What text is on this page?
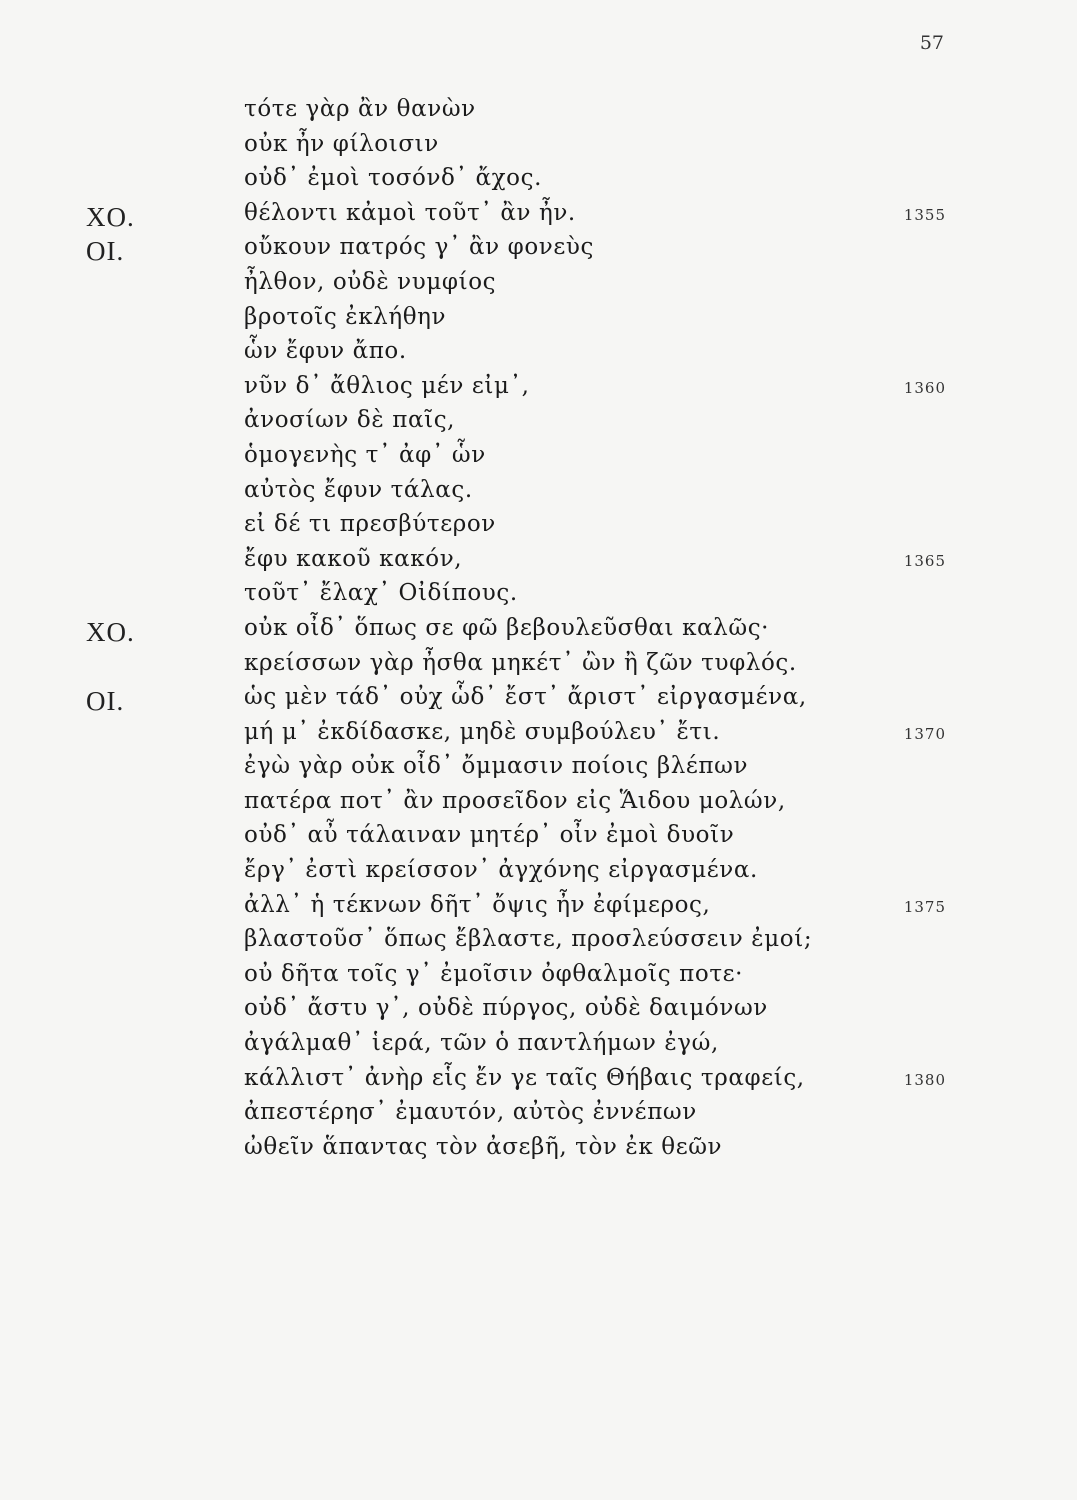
57
τότε γὰρ ἂν θανὼν
οὐκ ἦν φίλοισιν
οὐδ᾽ ἐμοὶ τοσόνδ᾽ ἄχος.
ΧΟ.	θέλοντι κἀμοὶ τοῦτ᾽ ἂν ἦν.	1355
ΟΙ.	οὔκουν πατρός γ᾽ ἂν φονεὺς
ἦλθον, οὐδὲ νυμφίος
βροτοῖς ἐκλήθην
ὧν ἔφυν ἄπο.
νῦν δ᾽ ἄθλιος μέν εἰμ᾽,	1360
ἀνοσίων δὲ παῖς,
ὁμογενὴς τ᾽ ἀφ᾽ ὧν
αὐτὸς ἔφυν τάλας.
εἰ δέ τι πρεσβύτερον
ἔφυ κακοῦ κακόν,	1365
τοῦτ᾽ ἔλαχ᾽ Οἰδίπους.
ΧΟ.	οὐκ οἶδ᾽ ὅπως σε φῶ βεβουλεῦσθαι καλῶς·
κρείσσων γὰρ ἦσθα μηκέτ᾽ ὢν ἢ ζῶν τυφλός.
ΟΙ.	ὡς μὲν τάδ᾽ οὐχ ὧδ᾽ ἔστ᾽ ἄριστ᾽ εἰργασμένα,
μή μ᾽ ἐκδίδασκε, μηδὲ συμβούλευ᾽ ἔτι.	1370
ἐγὼ γὰρ οὐκ οἶδ᾽ ὄμμασιν ποίοις βλέπων
πατέρα ποτ᾽ ἂν προσεῖδον εἰς Ἅιδου μολών,
οὐδ᾽ αὖ τάλαιναν μητέρ᾽ οἶν ἐμοὶ δυοῖν
ἔργ᾽ ἐστὶ κρείσσον᾽ ἀγχόνης εἰργασμένα.
ἀλλ᾽ ἡ τέκνων δῆτ᾽ ὄψις ἦν ἐφίμερος,	1375
βλαστοῦσ᾽ ὅπως ἔβλαστε, προσλεύσσειν ἐμοί;
οὐ δῆτα τοῖς γ᾽ ἐμοῖσιν ὀφθαλμοῖς ποτε·
οὐδ᾽ ἄστυ γ᾽, οὐδὲ πύργος, οὐδὲ δαιμόνων
ἀγάλμαθ᾽ ἱερά, τῶν ὁ παντλήμων ἐγώ,
κάλλιστ᾽ ἀνὴρ εἷς ἔν γε ταῖς Θήβαις τραφείς,	1380
ἀπεστέρησ᾽ ἐμαυτόν, αὐτὸς ἐννέπων
ὠθεῖν ἅπαντας τὸν ἀσεβῆ, τὸν ἐκ θεῶν
